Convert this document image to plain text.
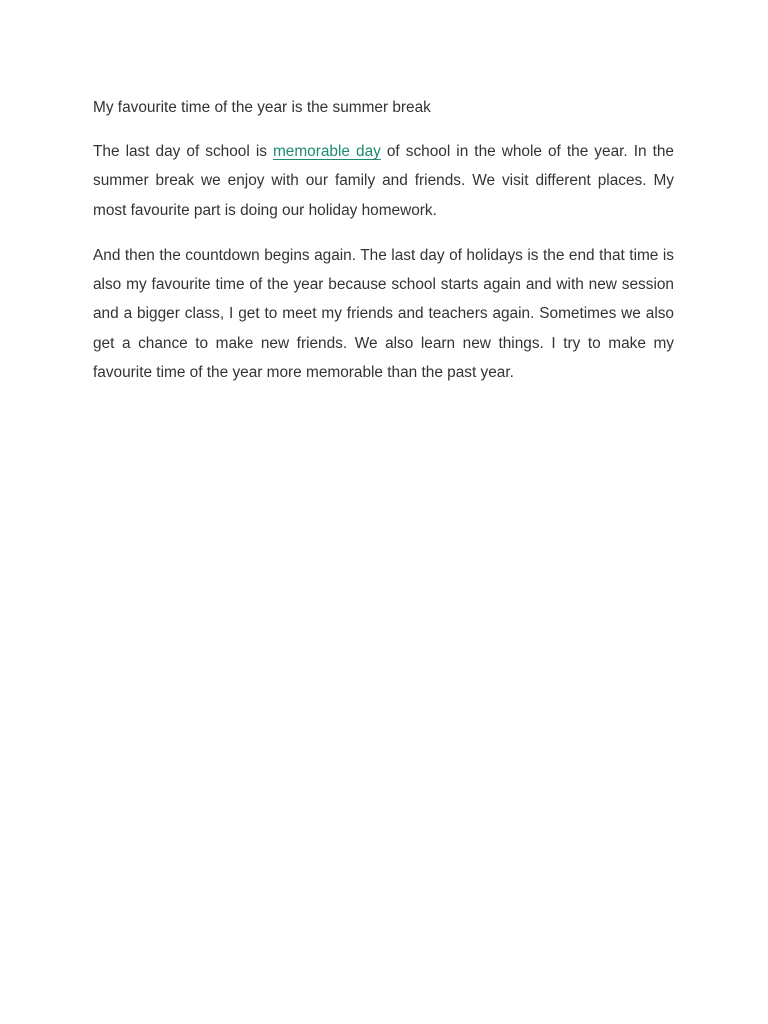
My favourite time of the year is the summer break

The last day of school is memorable day of school in the whole of the year. In the summer break we enjoy with our family and friends. We visit different places. My most favourite part is doing our holiday homework.

And then the countdown begins again. The last day of holidays is the end that time is also my favourite time of the year because school starts again and with new session and a bigger class, I get to meet my friends and teachers again. Sometimes we also get a chance to make new friends. We also learn new things. I try to make my favourite time of the year more memorable than the past year.
